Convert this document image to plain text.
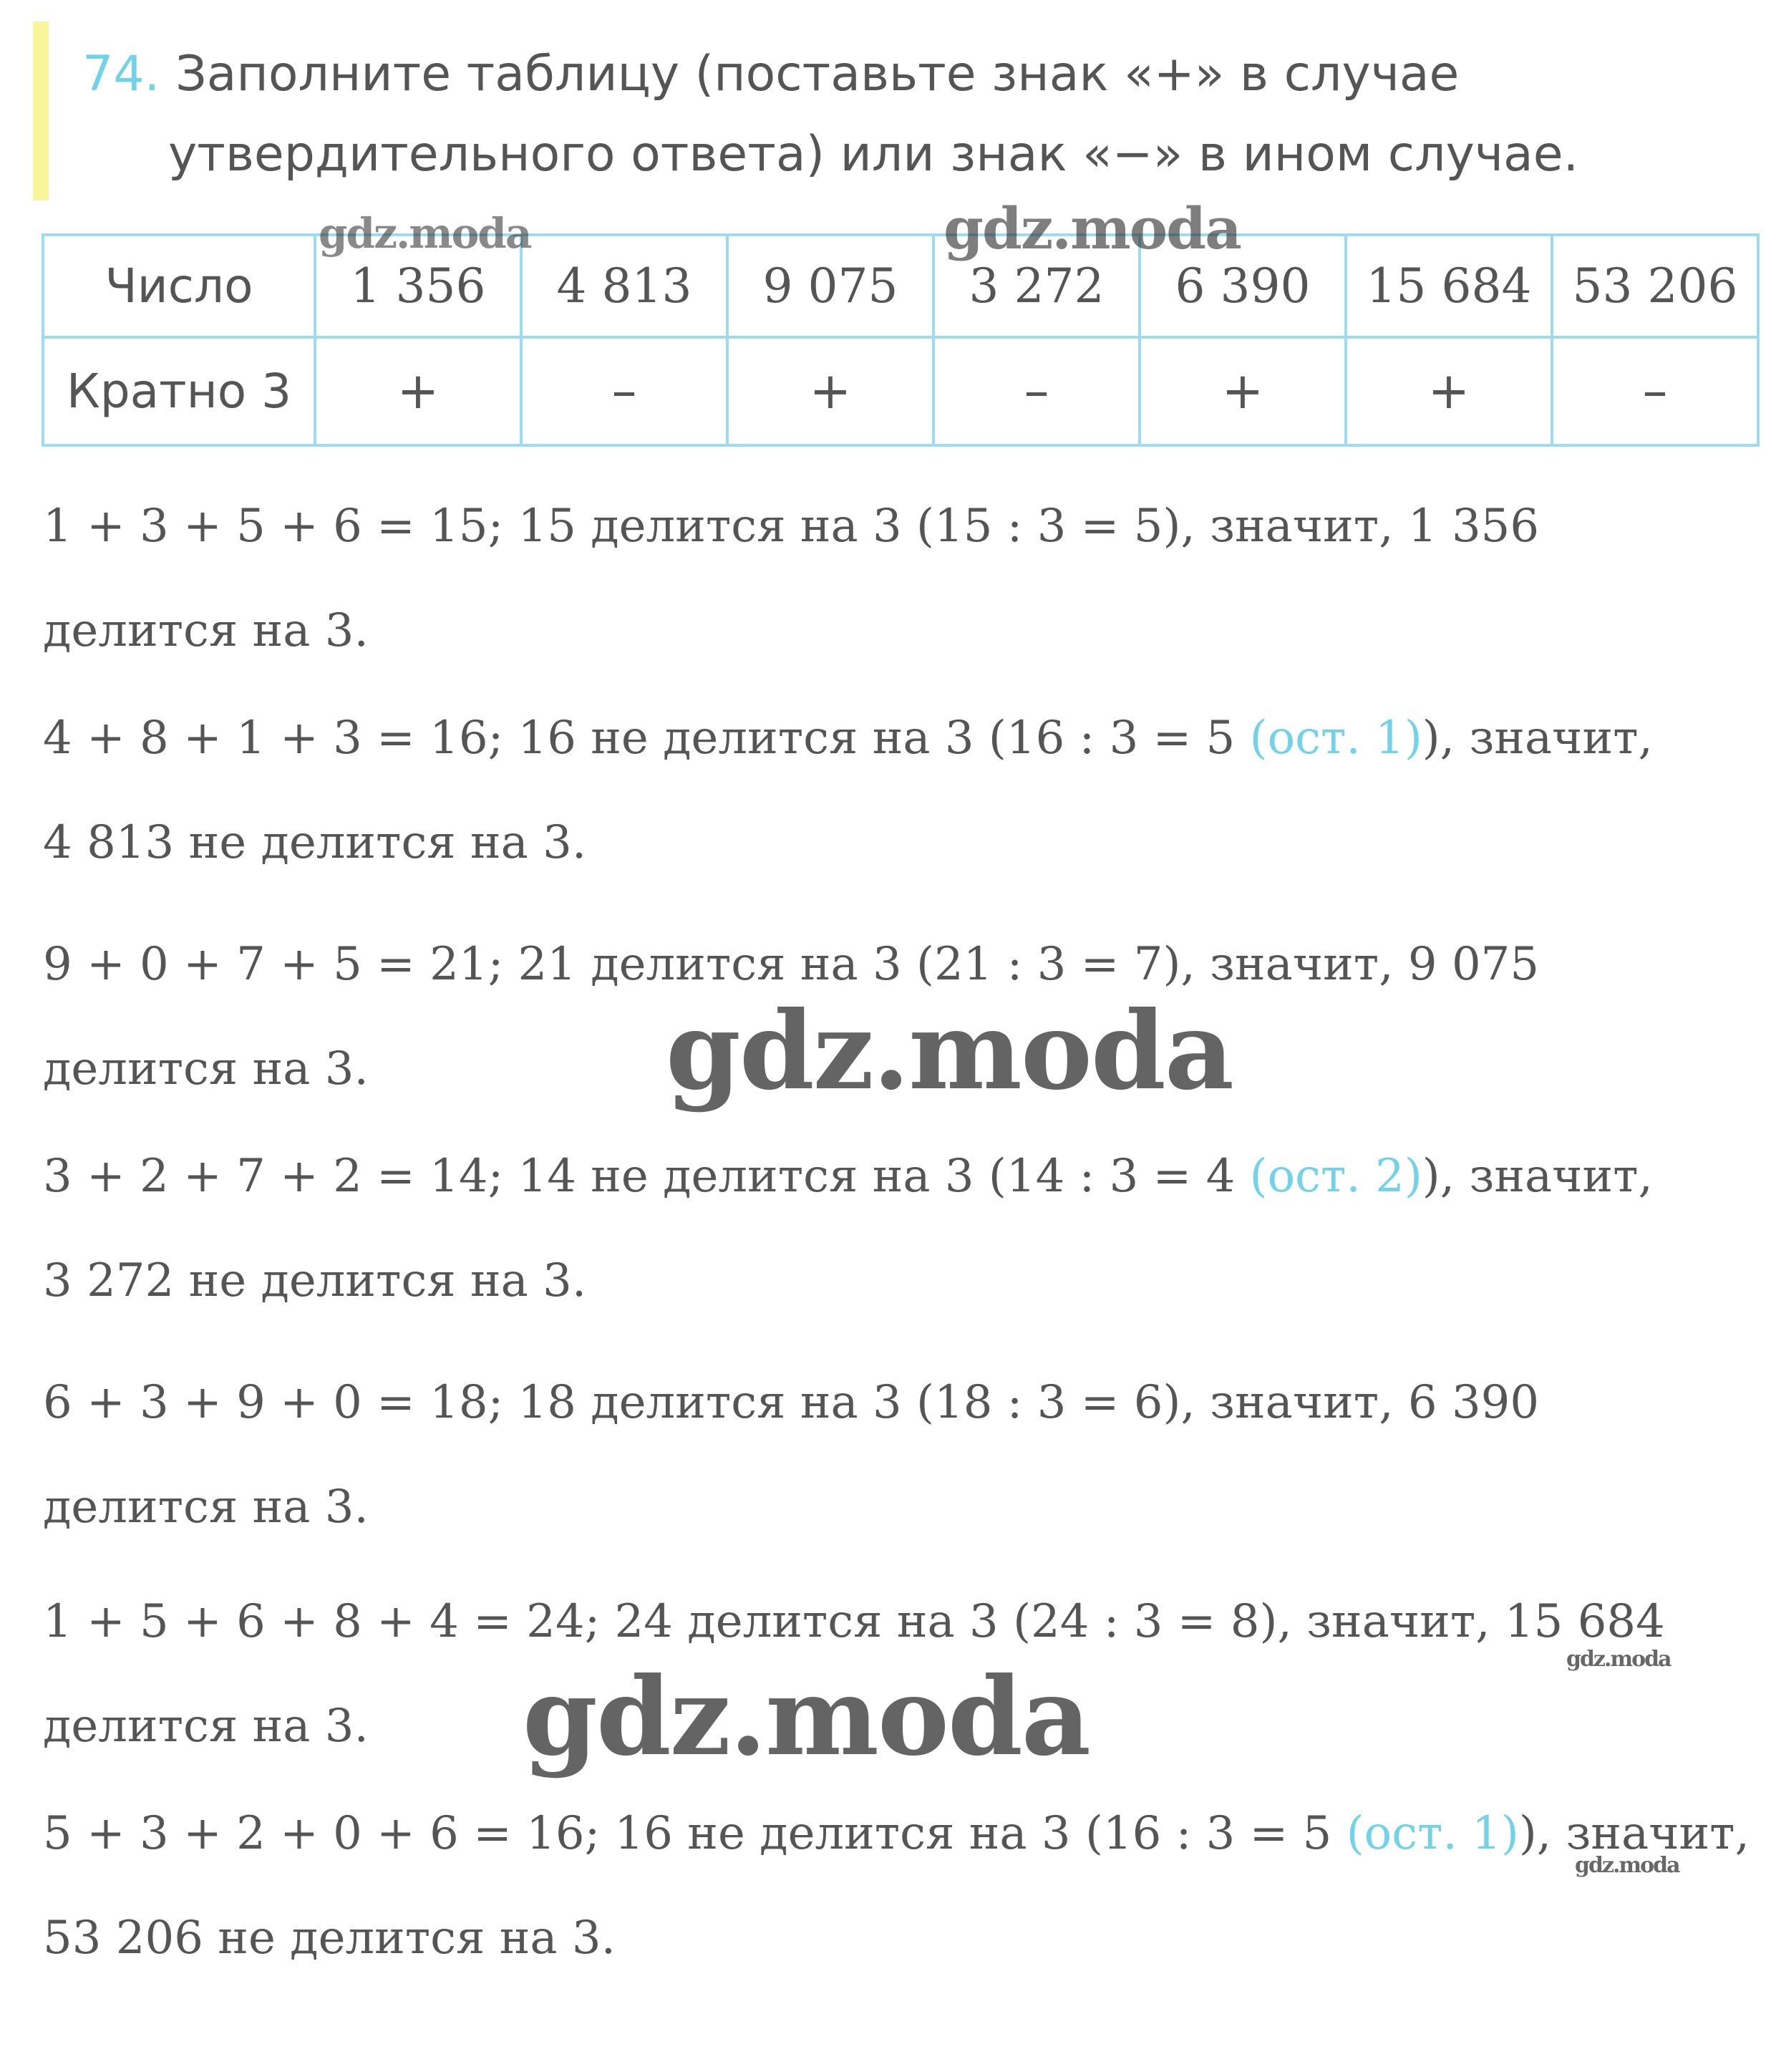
74. Заполните таблицу (поставьте знак «+» в случае
утвердительного ответа) или знак «−» в ином случае.
Число	1 356	4 813	9 075	3 272	6 390	15 684	53 206
Кратно 3	+	–	+	–	+	+	–

1 + 3 + 5 + 6 = 15; 15 делится на 3 (15 : 3 = 5), значит, 1 356

делится на 3.

4 + 8 + 1 + 3 = 16; 16 не делится на 3 (16 : 3 = 5 (ост. 1)), значит,

4 813 не делится на 3.

9 + 0 + 7 + 5 = 21; 21 делится на 3 (21 : 3 = 7), значит, 9 075

делится на 3.

3 + 2 + 7 + 2 = 14; 14 не делится на 3 (14 : 3 = 4 (ост. 2)), значит,

3 272 не делится на 3.

6 + 3 + 9 + 0 = 18; 18 делится на 3 (18 : 3 = 6), значит, 6 390

делится на 3.

1 + 5 + 6 + 8 + 4 = 24; 24 делится на 3 (24 : 3 = 8), значит, 15 684

делится на 3.

5 + 3 + 2 + 0 + 6 = 16; 16 не делится на 3 (16 : 3 = 5 (ост. 1)), значит,

53 206 не делится на 3.

gdz.moda	gdz.moda
gdz.moda
gdz.moda	gdz.moda
gdz.moda
